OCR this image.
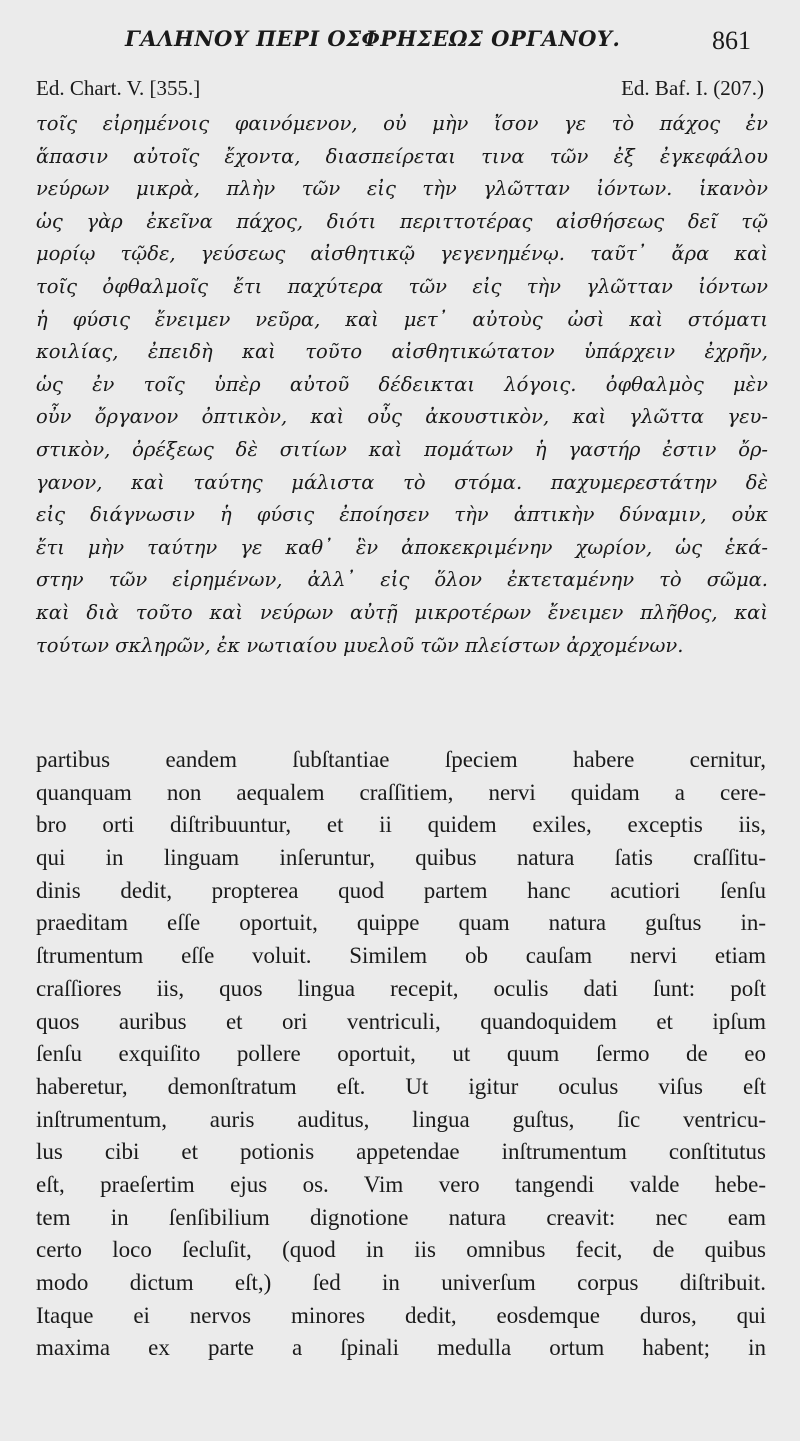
ΓΑΛΗΝΟΥ ΠΕΡΙ ΟΣΦΡΗΣΕΩΣ ΟΡΓΑΝΟΥ.	861
Ed. Chart. V. [355.]	Ed. Baf. I. (207.)
τοῖς εἰρημένοις φαινόμενον, οὐ μὴν ἴσον γε τὸ πάχος ἐν
ἅπασιν αὐτοῖς ἔχοντα, διασπείρεται τινα τῶν ἐξ ἐγκεφάλου
νεύρων μικρὰ, πλὴν τῶν εἰς τὴν γλῶτταν ἰόντων. ἱκανὸν
ὡς γὰρ ἐκεῖνα πάχος, διότι περιττοτέρας αἰσθήσεως δεῖ τῷ
μορίῳ τῷδε, γεύσεως αἰσθητικῷ γεγενημένῳ. ταῦτ᾽ ἄρα καὶ
τοῖς ὀφθαλμοῖς ἔτι παχύτερα τῶν εἰς τὴν γλῶτταν ἰόντων
ἡ φύσις ἔνειμεν νεῦρα, καὶ μετ᾽ αὐτοὺς ὠσὶ καὶ στόματι
κοιλίας, ἐπειδὴ καὶ τοῦτο αἰσθητικώτατον ὑπάρχειν ἐχρῆν,
ὡς ἐν τοῖς ὑπὲρ αὐτοῦ δέδεικται λόγοις. ὀφθαλμὸς μὲν
οὖν ὄργανον ὀπτικὸν, καὶ οὖς ἀκουστικὸν, καὶ γλῶττα γευ-
στικὸν, ὀρέξεως δὲ σιτίων καὶ πομάτων ἡ γαστήρ ἐστιν ὄρ-
γανον, καὶ ταύτης μάλιστα τὸ στόμα. παχυμερεστάτην δὲ
εἰς διάγνωσιν ἡ φύσις ἐποίησεν τὴν ἁπτικὴν δύναμιν, οὐκ
ἔτι μὴν ταύτην γε καθ᾽ ἓν ἀποκεκριμένην χωρίον, ὡς ἑκά-
στην τῶν εἰρημένων, ἀλλ᾽ εἰς ὅλον ἐκτεταμένην τὸ σῶμα.
καὶ διὰ τοῦτο καὶ νεύρων αὐτῇ μικροτέρων ἔνειμεν πλῆθος, καὶ
τούτων σκληρῶν, ἐκ νωτιαίου μυελοῦ τῶν πλείστων ἀρχομένων.
partibus eandem ſubſtantiae ſpeciem habere cernitur,
quanquam non aequalem craſſitiem, nervi quidam a cere-
bro orti diſtribuuntur, et ii quidem exiles, exceptis iis,
qui in linguam inſeruntur, quibus natura ſatis craſſitu-
dinis dedit, propterea quod partem hanc acutiori ſenſu
praeditam eſſe oportuit, quippe quam natura guſtus in-
ſtrumentum eſſe voluit. Similem ob cauſam nervi etiam
craſſiores iis, quos lingua recepit, oculis dati ſunt: poſt
quos auribus et ori ventriculi, quandoquidem et ipſum
ſenſu exquiſito pollere oportuit, ut quum ſermo de eo
haberetur, demonſtratum eſt. Ut igitur oculus viſus eſt
inſtrumentum, auris auditus, lingua guſtus, ſic ventricu-
lus cibi et potionis appetendae inſtrumentum conſtitutus
eſt, praeſertim ejus os. Vim vero tangendi valde hebe-
tem in ſenſibilium dignotione natura creavit: nec eam
certo loco ſecluſit, (quod in iis omnibus fecit, de quibus
modo dictum eſt,) ſed in univerſum corpus diſtribuit.
Itaque ei nervos minores dedit, eosdemque duros, qui
maxima ex parte a ſpinali medulla ortum habent; in
